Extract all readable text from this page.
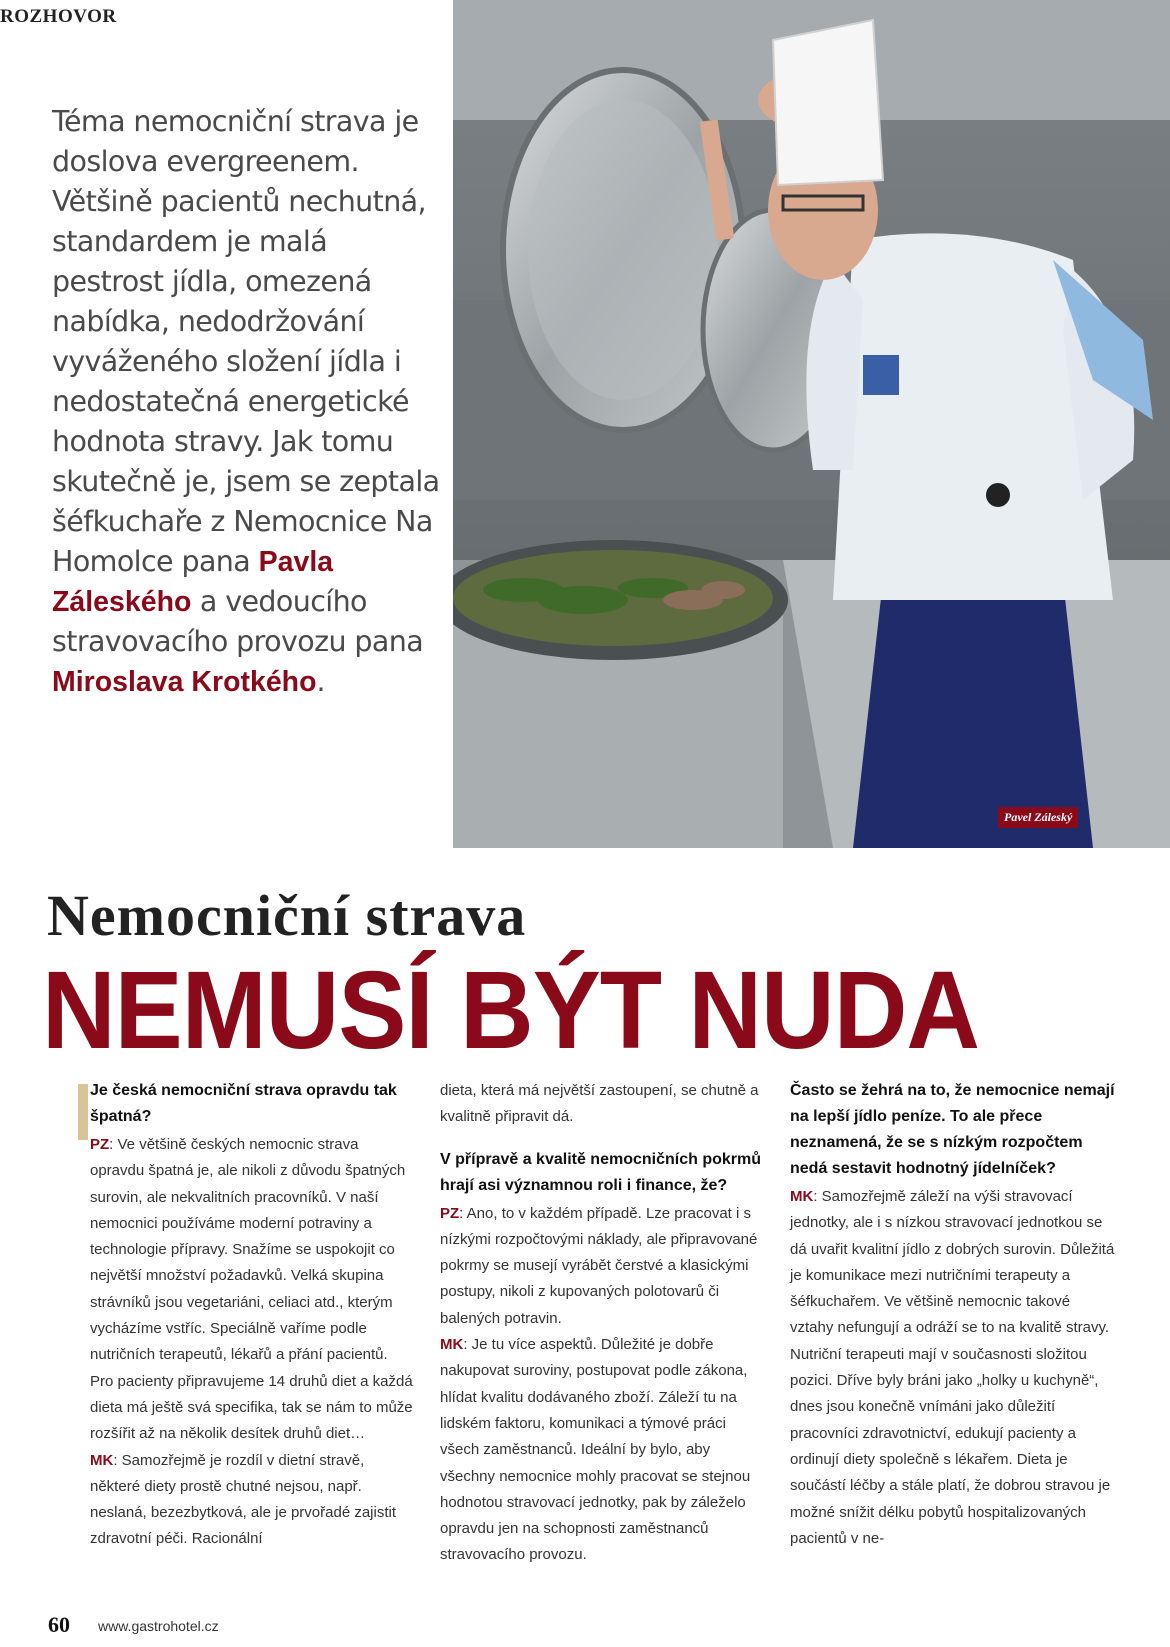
ROZHOVOR
Téma nemocniční strava je doslova evergreenem. Většině pacientů nechutná, standardem je malá pestrost jídla, omezená nabídka, nedodržování vyváženého složení jídla i nedostatečná energetické hodnota stravy. Jak tomu skutečně je, jsem se zeptala šéfkuchaře z Nemocnice Na Homolce pana Pavla Záleského a vedoucího stravovacího provozu pana Miroslava Krotkého.
Pavel Záleský
Nemocniční strava
NEMUSÍ BÝT NUDA
Je česká nemocniční strava opravdu tak špatná?

PZ: Ve většině českých nemocnic strava opravdu špatná je, ale nikoli z důvodu špatných surovin, ale nekvalitních pracovníků. V naší nemocnici používáme moderní potraviny a technologie přípravy. Snažíme se uspokojit co největší množství požadavků. Velká skupina strávníků jsou vegetariáni, celiaci atd., kterým vycházíme vstříc. Speciálně vaříme podle nutričních terapeutů, lékařů a přání pacientů. Pro pacienty připravujeme 14 druhů diet a každá dieta má ještě svá specifika, tak se nám to může rozšířit až na několik desítek druhů diet…

MK: Samozřejmě je rozdíl v dietní stravě, některé diety prostě chutné nejsou, např. neslaná, bezezbytková, ale je prvořadé zajistit zdravotní péči. Racionální

dieta, která má největší zastoupení, se chutně a kvalitně připravit dá.

V přípravě a kvalitě nemocničních pokrmů hrají asi významnou roli i finance, že?

PZ: Ano, to v každém případě. Lze pracovat i s nízkými rozpočtovými náklady, ale připravované pokrmy se musejí vyrábět čerstvé a klasickými postupy, nikoli z kupovaných polotovarů či balených potravin.

MK: Je tu více aspektů. Důležité je dobře nakupovat suroviny, postupovat podle zákona, hlídat kvalitu dodávaného zboží. Záleží tu na lidském faktoru, komunikaci a týmové práci všech zaměstnanců. Ideální by bylo, aby všechny nemocnice mohly pracovat se stejnou hodnotou stravovací jednotky, pak by záleželo opravdu jen na schopnosti zaměstnanců stravovacího provozu.

Často se žehrá na to, že nemocnice nemají na lepší jídlo peníze. To ale přece neznamená, že se s nízkým rozpočtem nedá sestavit hodnotný jídelníček?

MK: Samozřejmě záleží na výši stravovací jednotky, ale i s nízkou stravovací jednotkou se dá uvařit kvalitní jídlo z dobrých surovin. Důležitá je komunikace mezi nutričními terapeuty a šéfkuchařem. Ve většině nemocnic takové vztahy nefungují a odráží se to na kvalitě stravy. Nutriční terapeuti mají v současnosti složitou pozici. Dříve byly bráni jako „holky u kuchyně“, dnes jsou konečně vnímáni jako důležití pracovníci zdravotnictví, edukují pacienty a ordinují diety společně s lékařem. Dieta je součástí léčby a stále platí, že dobrou stravou je možné snížit délku pobytů hospitalizovaných pacientů v ne-

60 www.gastrohotel.cz
